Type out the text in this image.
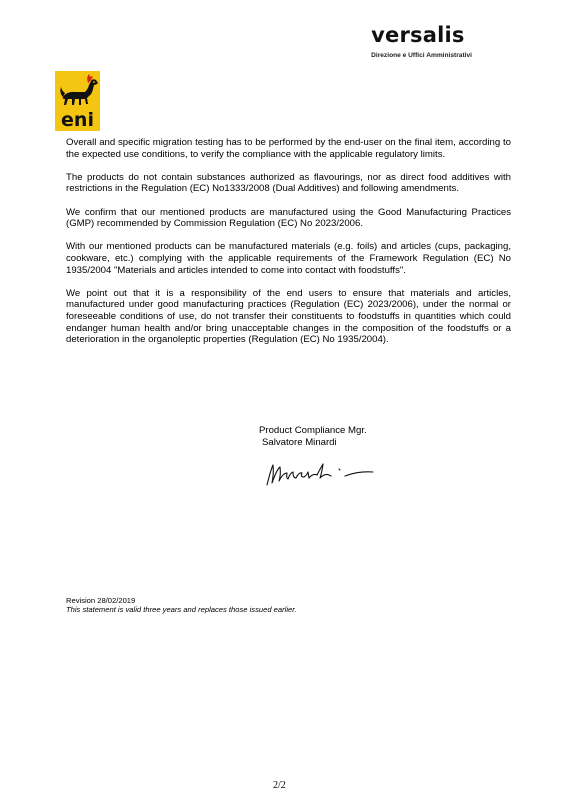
versalis
Direzione e Uffici Amministrativi
eni

Overall and specific migration testing has to be performed by the end-user on the final item, according to the expected use conditions, to verify the compliance with the applicable regulatory limits.

The products do not contain substances authorized as flavourings, nor as direct food additives with restrictions in the Regulation (EC) No1333/2008 (Dual Additives) and following amendments.

We confirm that our mentioned products are manufactured using the Good Manufacturing Practices (GMP) recommended by Commission Regulation (EC) No 2023/2006.

With our mentioned products can be manufactured materials (e.g. foils) and articles (cups, packaging, cookware, etc.) complying with the applicable requirements of the Framework Regulation (EC) No 1935/2004 "Materials and articles intended to come into contact with foodstuffs".

We point out that it is a responsibility of the end users to ensure that materials and articles, manufactured under good manufacturing practices (Regulation (EC) 2023/2006), under the normal or foreseeable conditions of use, do not transfer their constituents to foodstuffs in quantities which could endanger human health and/or bring unacceptable changes in the composition of the foodstuffs or a deterioration in the organoleptic properties (Regulation (EC) No 1935/2004).

Product Compliance Mgr.
Salvatore Minardi
Revision 28/02/2019
This statement is valid three years and replaces those issued earlier.
2/2
